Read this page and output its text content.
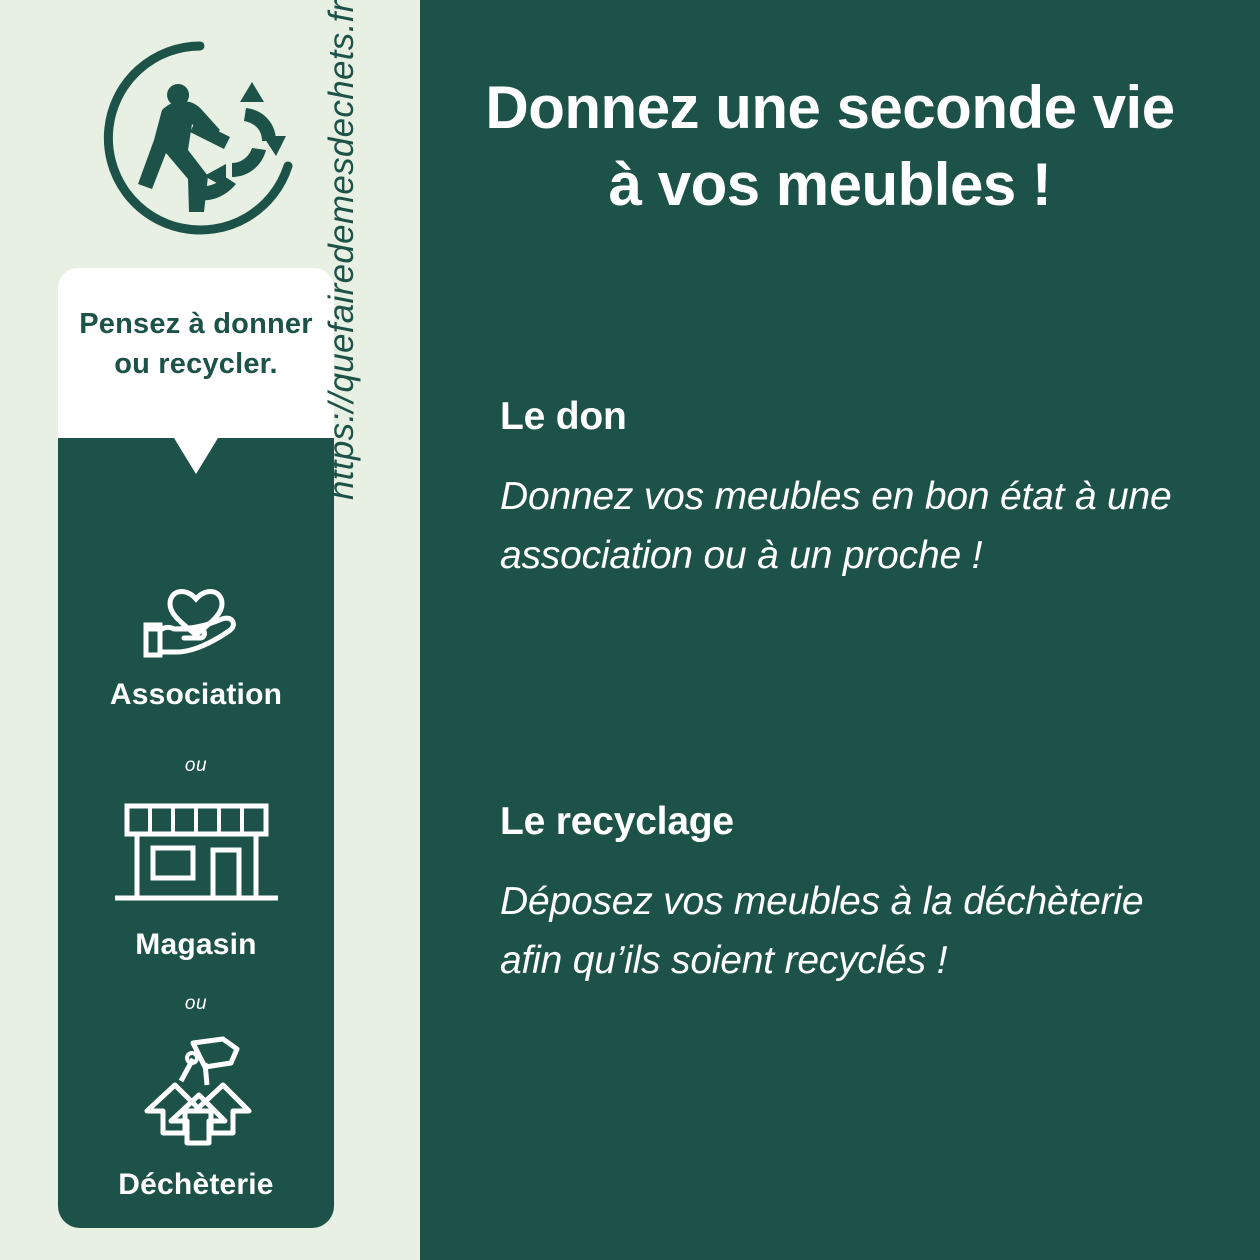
Pensez à donner ou recycler.
Association
ou
Magasin
ou
Déchèterie
https://quefairedemesdechets.fr	Donnez une seconde vie
à vos meubles !
Le don
Donnez vos meubles en bon état à une association ou à un proche !
Le recyclage
Déposez vos meubles à la déchèterie afin qu’ils soient recyclés !
